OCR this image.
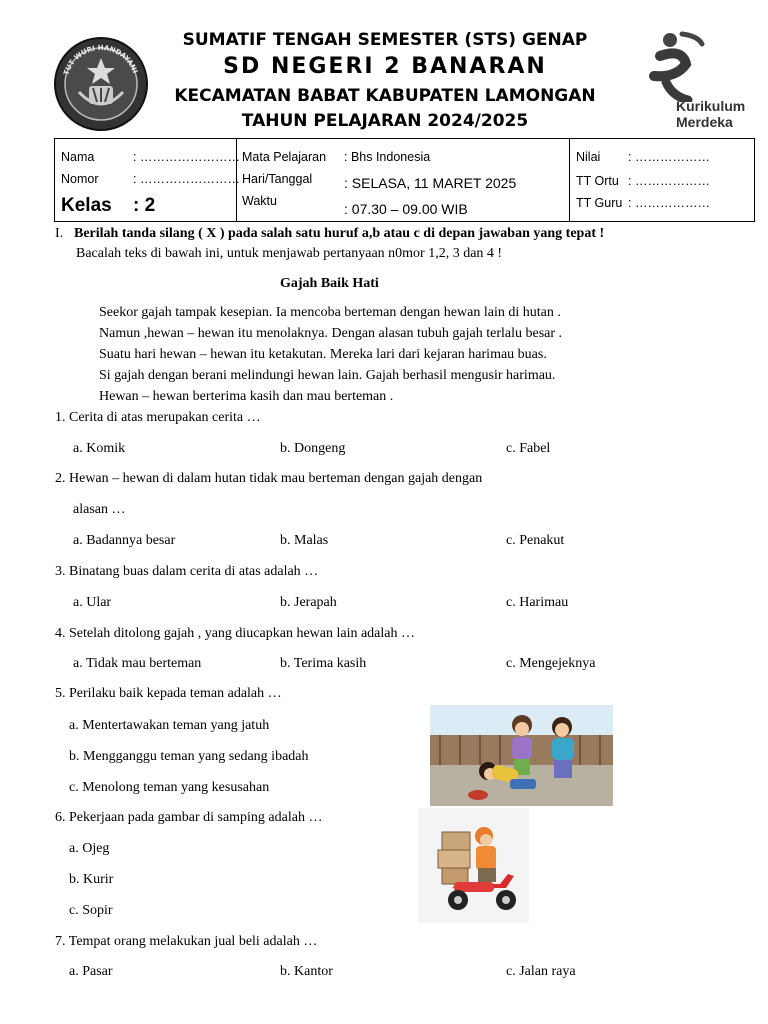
TUT WURI HANDAYANI
SUMATIF TENGAH SEMESTER (STS) GENAP
SD NEGERI 2 BANARAN
KECAMATAN BABAT KABUPATEN LAMONGAN
TAHUN PELAJARAN 2024/2025
Kurikulum
Merdeka
Nama	: ……………………
Nomor	: ……………………
Kelas : 2
Mata Pelajaran : Bhs Indonesia
Hari/Tanggal : SELASA, 11 MARET 2025
Waktu	: 07.30 – 09.00 WIB
Nilai : ………………
TT Ortu : ………………
TT Guru : ………………
I. Berilah tanda silang ( X ) pada salah satu huruf a,b atau c di depan jawaban yang tepat !
Bacalah teks di bawah ini, untuk menjawab pertanyaan n0mor 1,2, 3 dan 4 !
Gajah Baik Hati
Seekor gajah tampak kesepian. Ia mencoba berteman dengan hewan lain di hutan .
Namun ,hewan – hewan itu menolaknya. Dengan alasan tubuh gajah terlalu besar .
Suatu hari hewan – hewan itu ketakutan. Mereka lari dari kejaran harimau buas.
Si gajah dengan berani melindungi hewan lain. Gajah berhasil mengusir harimau.
Hewan – hewan berterima kasih dan mau berteman .
1. Cerita di atas merupakan cerita …
a. Komik	b. Dongeng	c. Fabel
2. Hewan – hewan di dalam hutan tidak mau berteman dengan gajah dengan
alasan …
a. Badannya besar	b. Malas	c. Penakut
3. Binatang buas dalam cerita di atas adalah …
a. Ular	b. Jerapah	c. Harimau
4. Setelah ditolong gajah , yang diucapkan hewan lain adalah …
a. Tidak mau berteman	b. Terima kasih	c. Mengejeknya
5. Perilaku baik kepada teman adalah …
a. Mentertawakan teman yang jatuh
b. Mengganggu teman yang sedang ibadah
c. Menolong teman yang kesusahan
6. Pekerjaan pada gambar di samping adalah …
a. Ojeg
b. Kurir
c. Sopir
7. Tempat orang melakukan jual beli adalah …
a. Pasar	b. Kantor	c. Jalan raya
